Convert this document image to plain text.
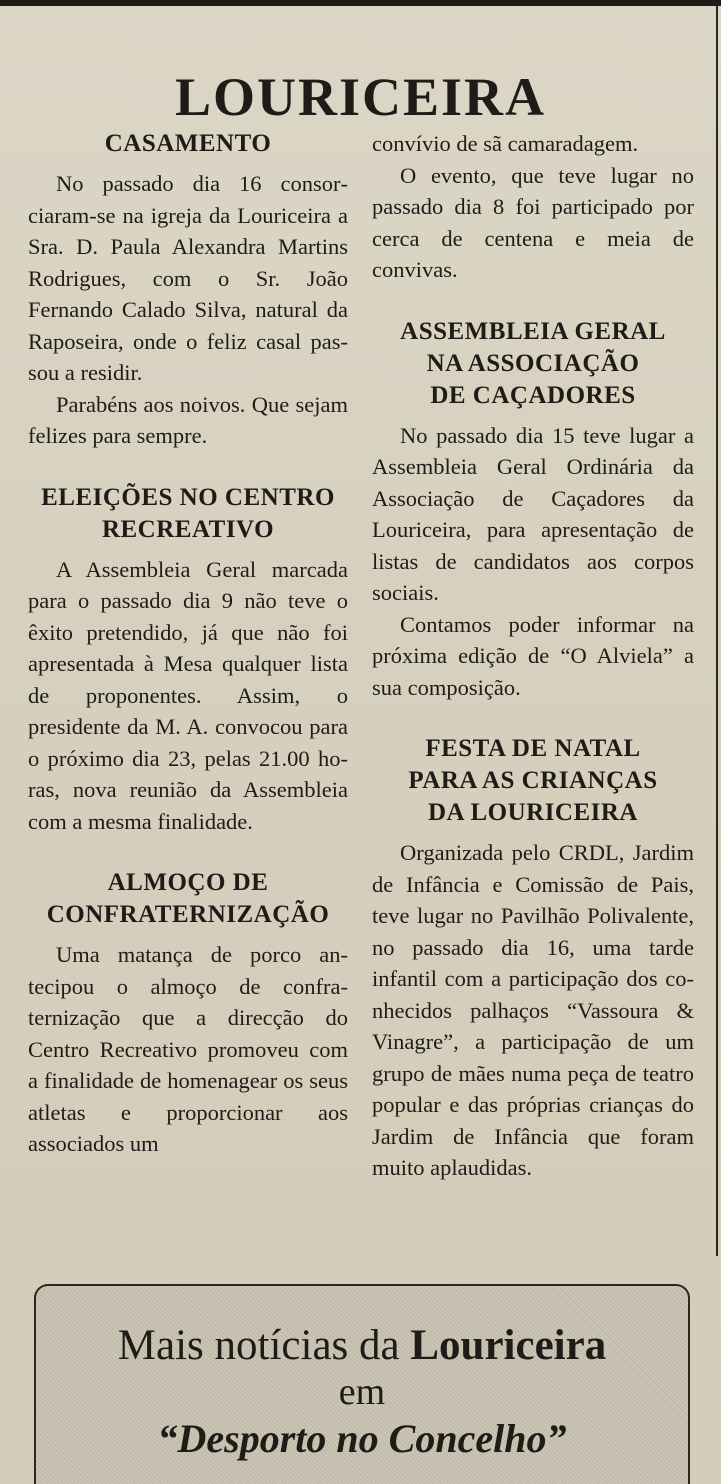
LOURICEIRA
CASAMENTO

No passado dia 16 consorciaram-se na igreja da Louriceira a Sra. D. Paula Alexandra Martins Rodrigues, com o Sr. João Fernando Calado Silva, natural da Raposeira, onde o feliz casal passou a residir.

Parabéns aos noivos. Que sejam felizes para sempre.

ELEIÇÕES NO CENTRO
RECREATIVO

A Assembleia Geral marcada para o passado dia 9 não teve o êxito pretendido, já que não foi apresentada à Mesa qualquer lista de proponentes. Assim, o presidente da M. A. convocou para o próximo dia 23, pelas 21.00 horas, nova reunião da Assembleia com a mesma finalidade.

ALMOÇO DE
CONFRATERNIZAÇÃO

Uma matança de porco antecipou o almoço de confraternização que a direcção do Centro Recreativo promoveu com a finalidade de homenagear os seus atletas e proporcionar aos associados um

convívio de sã camaradagem.

O evento, que teve lugar no passado dia 8 foi participado por cerca de centena e meia de convivas.

ASSEMBLEIA GERAL
NA ASSOCIAÇÃO
DE CAÇADORES

No passado dia 15 teve lugar a Assembleia Geral Ordinária da Associação de Caçadores da Louriceira, para apresentação de listas de candidatos aos corpos sociais.

Contamos poder informar na próxima edição de “O Alviela” a sua composição.

FESTA DE NATAL
PARA AS CRIANÇAS
DA LOURICEIRA

Organizada pelo CRDL, Jardim de Infância e Comissão de Pais, teve lugar no Pavilhão Polivalente, no passado dia 16, uma tarde infantil com a participação dos conhecidos palhaços “Vassoura & Vinagre”, a participação de um grupo de mães numa peça de teatro popular e das próprias crianças do Jardim de Infância que foram muito aplaudidas.

Mais notícias da Louriceira
em
“Desporto no Concelho”
